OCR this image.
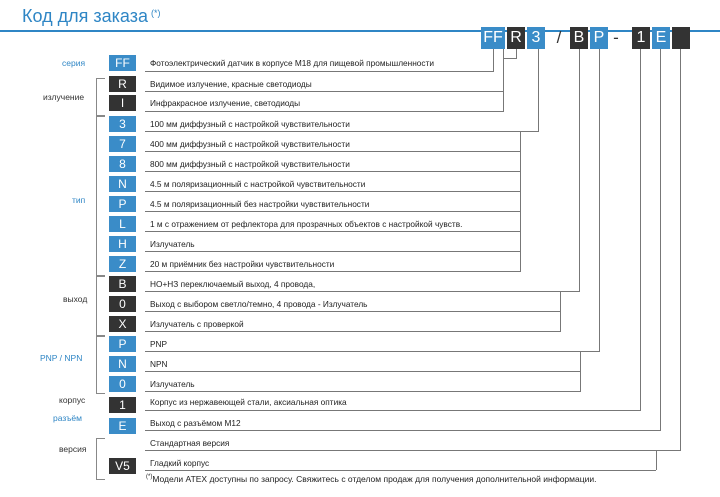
Код для заказа (*)
FF R 3 / B P - 1 E
серия
излучение
тип
выход
PNP / NPN
корпус
разъём
версия
FF
R
I
3
7
8
N
P
L
H
Z
B
0
X
P
N
0
1
E
V5
Фотоэлектрический датчик в корпусе M18 для пищевой промышленности
Видимое излучение, красные светодиоды
Инфракрасное излучение, светодиоды
100 мм диффузный с настройкой чувствительности
400 мм диффузный с настройкой чувствительности
800 мм диффузный с настройкой чувствительности
4.5 м поляризационный с настройкой чувствительности
4.5 м поляризационный без настройки чувствительности
1 м с отражением от рефлектора для прозрачных объектов с настройкой чувств.
Излучатель
20 м приёмник без настройки чувствительности
НО+НЗ переключаемый выход, 4 провода,
Выход с выбором светло/темно, 4 провода - Излучатель
Излучатель с проверкой
PNP
NPN
Излучатель
Корпус из нержавеющей стали, аксиальная оптика
Выход с разъёмом M12
Стандартная версия
Гладкий корпус
(*)Модели ATEX доступны по запросу. Свяжитесь с отделом продаж для получения дополнительной информации.
